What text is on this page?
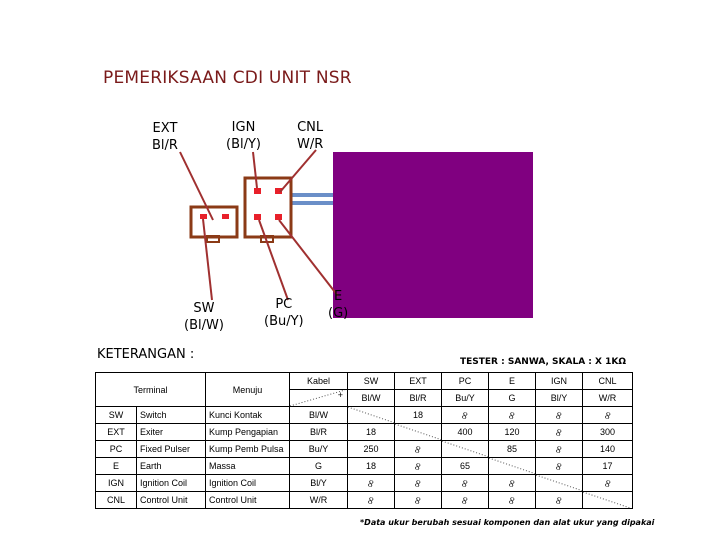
PEMERIKSAAN CDI UNIT NSR
EXT
Bl/R
IGN
(Bl/Y)
CNL
W/R
SW
(Bl/W)
PC
(Bu/Y)
E
(G)
KETERANGAN :	TESTER : SANWA, SKALA : X 1KΩ
Terminal	Menuju	Kabel	SW	EXT	PC	E	IGN	CNL

		+	Bl/W	Bl/R	Bu/Y	G	Bl/Y	W/R
SW Switch	Kunci Kontak	Bl/W		18	∞	∞	∞	∞
EXT Exiter	Kump Pengapian	Bl/R	18		400	120	∞	300
PC Fixed Pulser	Kump Pemb Pulsa	Bu/Y	250	∞		85	∞	140
E Earth	Massa	G	18	∞	65		∞	17
IGN Ignition Coil	Ignition Coil	Bl/Y	∞	∞	∞	∞		∞
CNL Control Unit	Control Unit	W/R	∞	∞	∞	∞	∞	
*Data ukur berubah sesuai komponen dan alat ukur yang dipakai
